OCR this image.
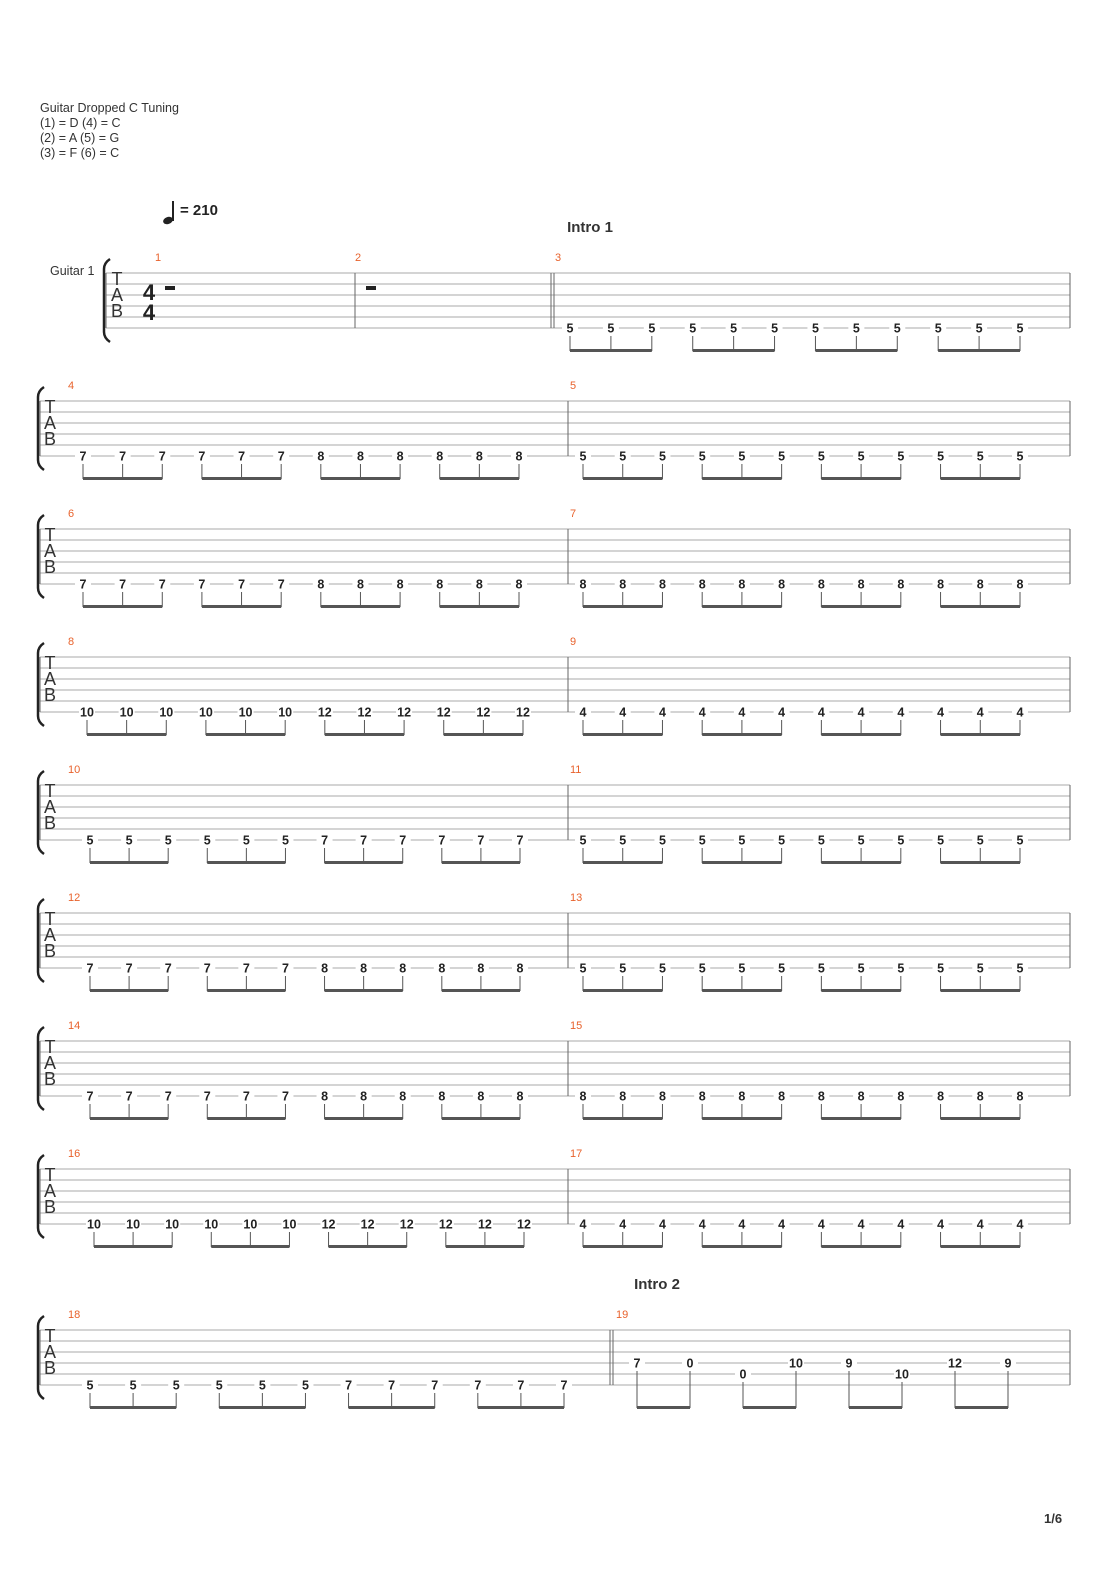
Guitar Dropped C Tuning
(1) = D (4) = C
(2) = A (5) = G
(3) = F (6) = C
= 210
Intro 1
Intro 2
Guitar 1 T
A
B
4
4
1	2	3
5	5	5	5	5	5	5	5	5	5	5	5
T
A
B
4
7	7	7	7	7	7	8	8	8	8	8	8
5
5	5	5	5	5	5	5	5	5	5	5	5
T
A
B
6
7	7	7	7	7	7	8	8	8	8	8	8
7
8	8	8	8	8	8	8	8	8	8	8	8
T
A
B
8
10 10 10 10 10 10 12 12 12 12 12 12
9
4	4	4	4	4	4	4	4	4	4	4	4
T
A
B
10
5	5	5	5	5	5	7	7	7	7	7	7
11
5	5	5	5	5	5	5	5	5	5	5	5
T
A
B
12
7	7	7	7	7	7	8	8	8	8	8	8
13
5	5	5	5	5	5	5	5	5	5	5	5
T
A
B
14
7	7	7	7	7	7	8	8	8	8	8	8
15
8	8	8	8	8	8	8	8	8	8	8	8
T
A
B
16
10 10 10 10 10 10 12 12 12 12 12 12
17
4	4	4	4	4	4	4	4	4	4	4	4
T
A
B
18
5	5	5	5	5	5	7	7	7	7	7	7
19
7	0
0
10	9
10
12	9
1/6
